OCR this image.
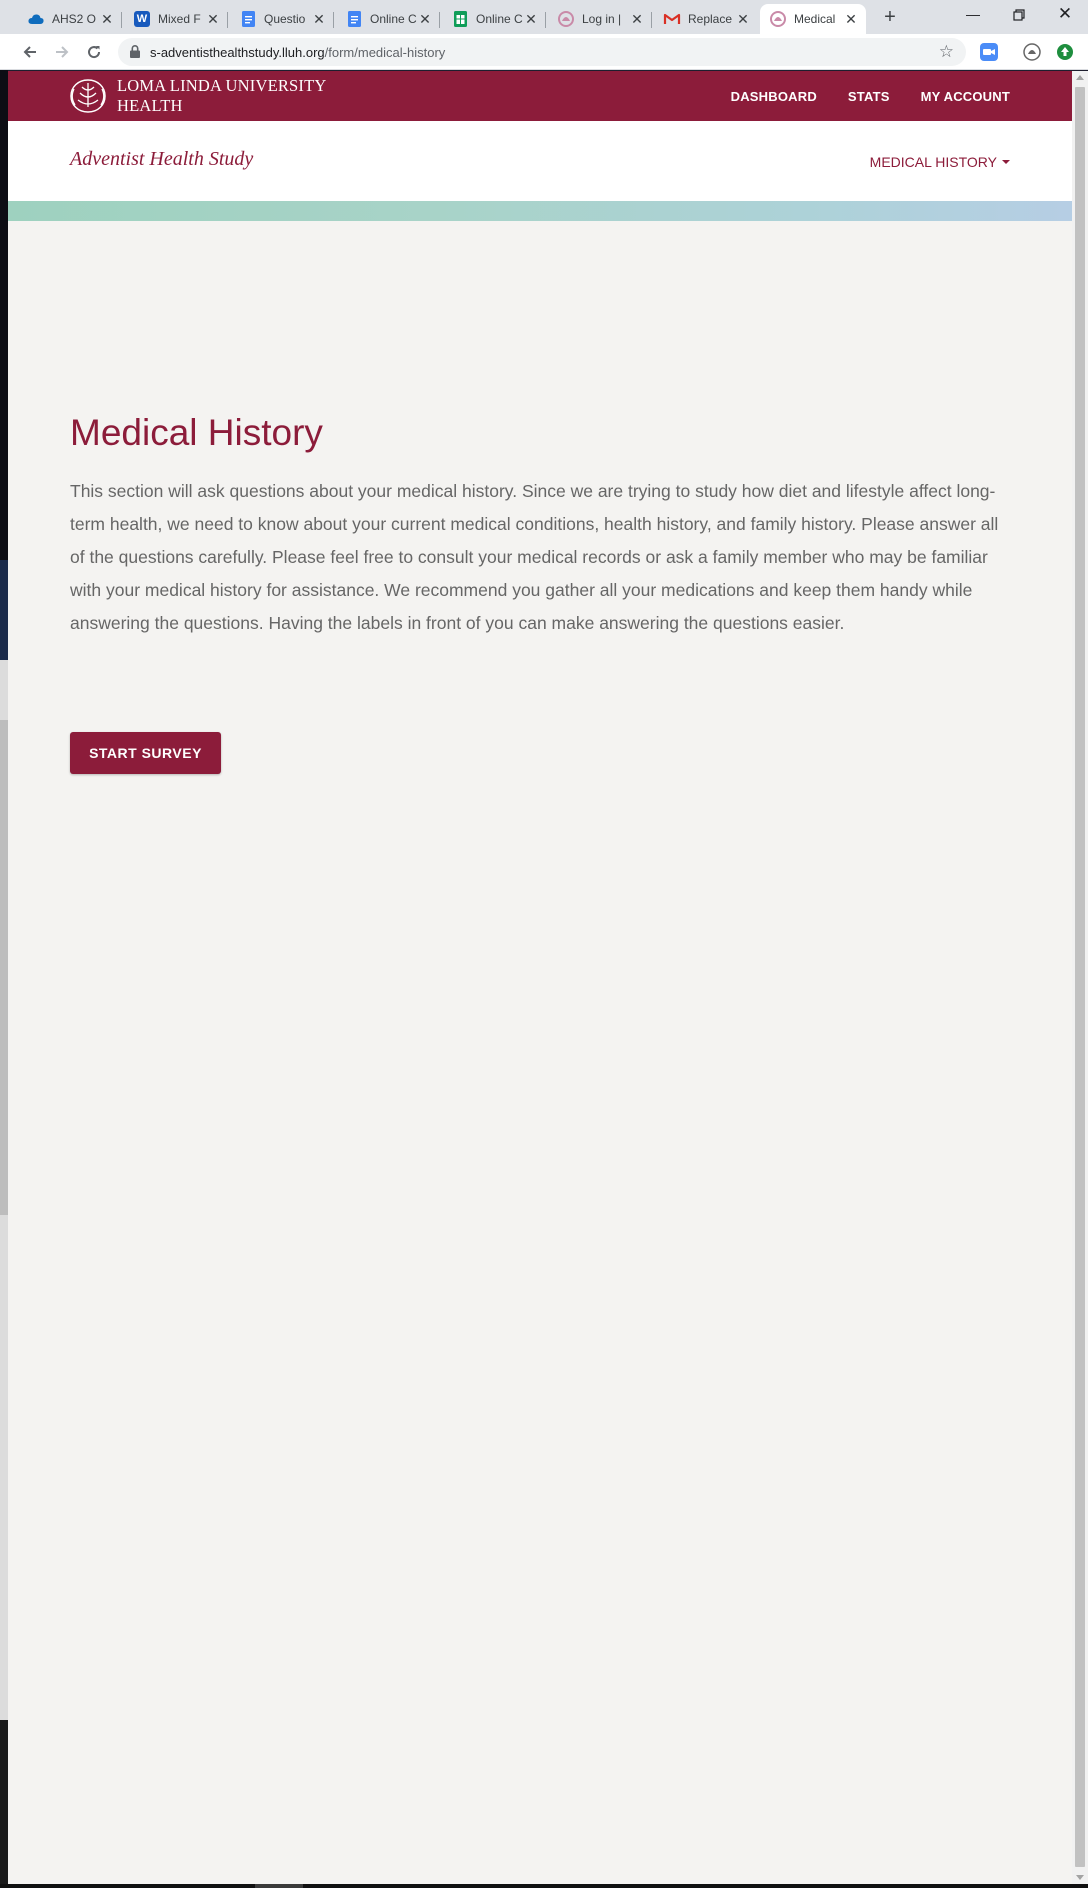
AHS2 O ✕ W Mixed F ✕	Questio ✕	Online C ✕	Online C ✕	Log in | ✕	Replace ✕	Medical ✕	+	—	✕
s-adventisthealthstudy.lluh.org/form/medical-history	☆
LOMA LINDA UNIVERSITY
HEALTH	DASHBOARD STATS MY ACCOUNT
Adventist Health Study	MEDICAL HISTORY
Medical History

This section will ask questions about your medical history. Since we are trying to study how diet and lifestyle affect long-term health, we need to know about your current medical conditions, health history, and family history. Please answer all of the questions carefully. Please feel free to consult your medical records or ask a family member who may be familiar with your medical history for assistance. We recommend you gather all your medications and keep them handy while answering the questions. Having the labels in front of you can make answering the questions easier.

START SURVEY
